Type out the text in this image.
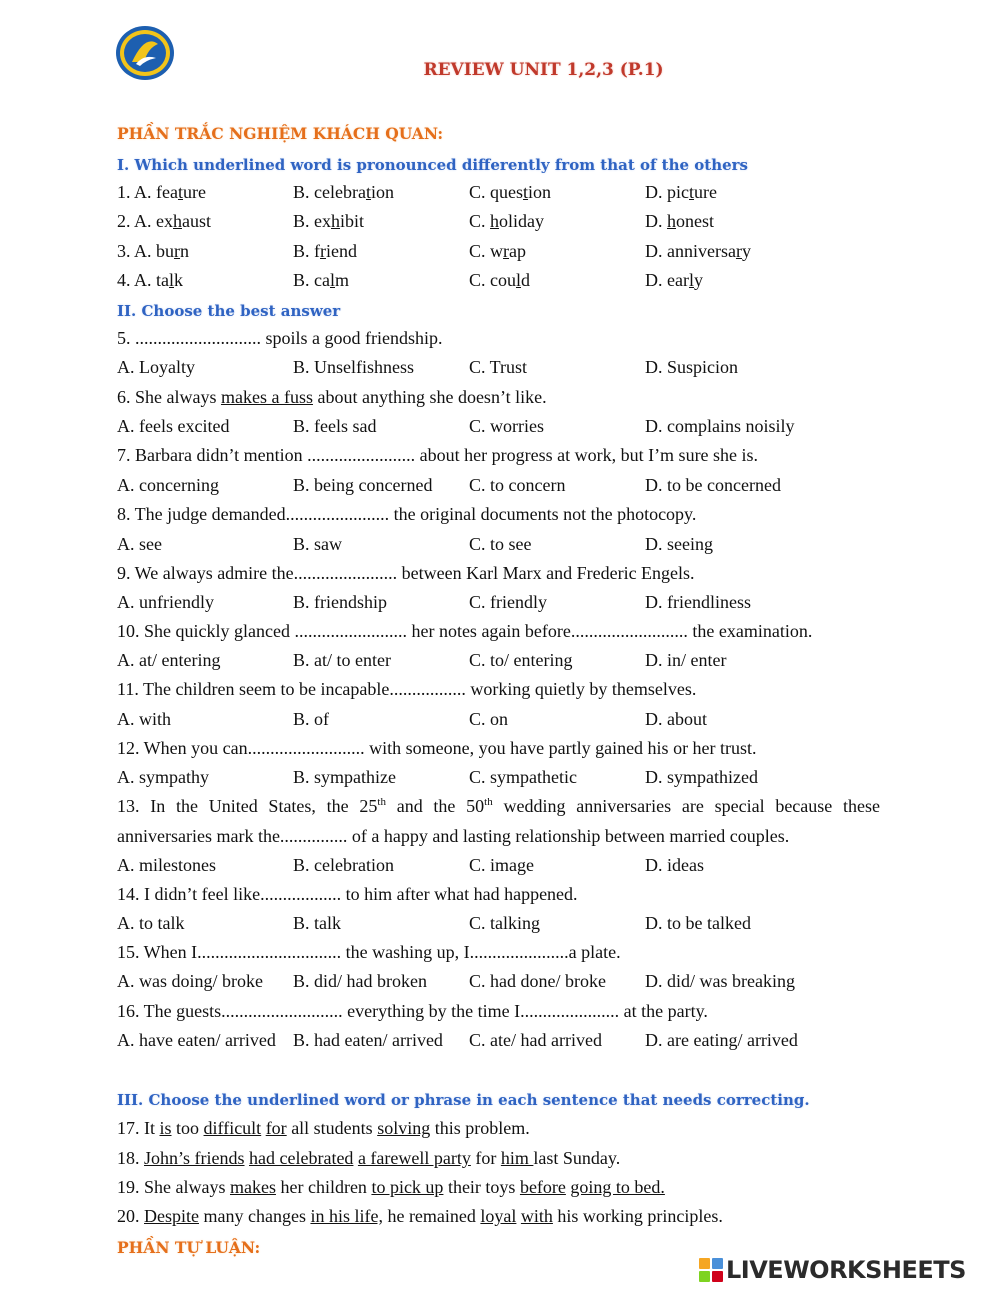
REVIEW UNIT 1,2,3 (P.1)
PHẦN TRẮC NGHIỆM KHÁCH QUAN:
I. Which underlined word is pronounced differently from that of the others
1. A. feature	B. celebration	C. question	D. picture
2. A. exhaust	B. exhibit	C. holiday	D. honest
3. A. burn	B. friend	C. wrap	D. anniversary
4. A. talk	B. calm	C. could	D. early
II. Choose the best answer
5. ............................ spoils a good friendship.
A. Loyalty	B. Unselfishness	C. Trust	D. Suspicion
6. She always makes a fuss about anything she doesn’t like.
A. feels excited	B. feels sad	C. worries	D. complains noisily
7. Barbara didn’t mention ........................ about her progress at work, but I’m sure she is.
A. concerning	B. being concerned C. to concern	D. to be concerned
8. The judge demanded....................... the original documents not the photocopy.
A. see	B. saw	C. to see	D. seeing
9. We always admire the....................... between Karl Marx and Frederic Engels.
A. unfriendly	B. friendship	C. friendly	D. friendliness
10. She quickly glanced ......................... her notes again before.......................... the examination.
A. at/ entering	B. at/ to enter	C. to/ entering	D. in/ enter
11. The children seem to be incapable................. working quietly by themselves.
A. with	B. of	C. on	D. about
12. When you can.......................... with someone, you have partly gained his or her trust.
A. sympathy	B. sympathize	C. sympathetic	D. sympathized
13. In the United States, the 25th and the 50th wedding anniversaries are special because these
anniversaries mark the............... of a happy and lasting relationship between married couples.
A. milestones	B. celebration	C. image	D. ideas
14. I didn’t feel like.................. to him after what had happened.
A. to talk	B. talk	C. talking	D. to be talked
15. When I................................ the washing up, I......................a plate.
A. was doing/ broke B. did/ had broken C. had done/ broke D. did/ was breaking
16. The guests........................... everything by the time I...................... at the party.
A. have eaten/ arrived B. had eaten/ arrived C. ate/ had arrived D. are eating/ arrived
III. Choose the underlined word or phrase in each sentence that needs correcting.
17. It is too difficult for all students solving this problem.
18. John’s friends had celebrated a farewell party for him last Sunday.
19. She always makes her children to pick up their toys before going to bed.
20. Despite many changes in his life, he remained loyal with his working principles.
PHẦN TỰ LUẬN:
LIVEWORKSHEETS
